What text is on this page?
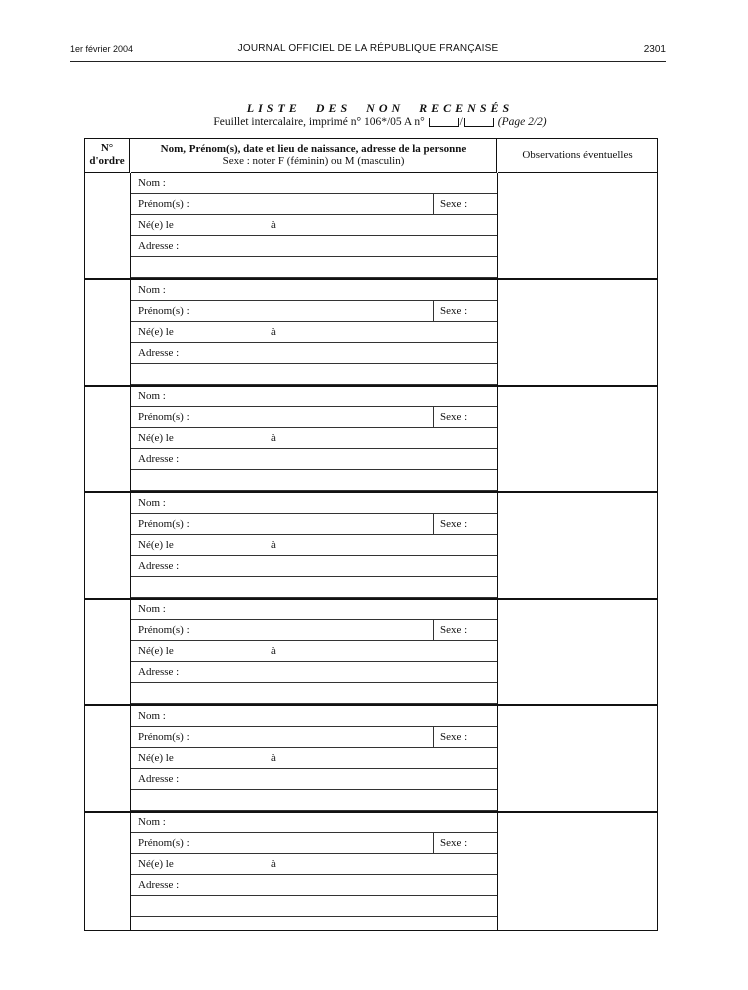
1er février 2004	JOURNAL OFFICIEL DE LA RÉPUBLIQUE FRANÇAISE	2301
LISTE DES NON RECENSÉS
Feuillet intercalaire, imprimé n° 106*/05 A n°	/	(Page 2/2)
N°
d'ordre
Nom, Prénom(s), date et lieu de naissance, adresse de la personne
Sexe : noter F (féminin) ou M (masculin)	Observations éventuelles
Nom :
Prénom(s) :	Sexe :
Né(e) le	à
Adresse :
Nom :
Prénom(s) :	Sexe :
Né(e) le	à
Adresse :
Nom :
Prénom(s) :	Sexe :
Né(e) le	à
Adresse :
Nom :
Prénom(s) :	Sexe :
Né(e) le	à
Adresse :
Nom :
Prénom(s) :	Sexe :
Né(e) le	à
Adresse :
Nom :
Prénom(s) :	Sexe :
Né(e) le	à
Adresse :
Nom :
Prénom(s) :	Sexe :
Né(e) le	à
Adresse :
